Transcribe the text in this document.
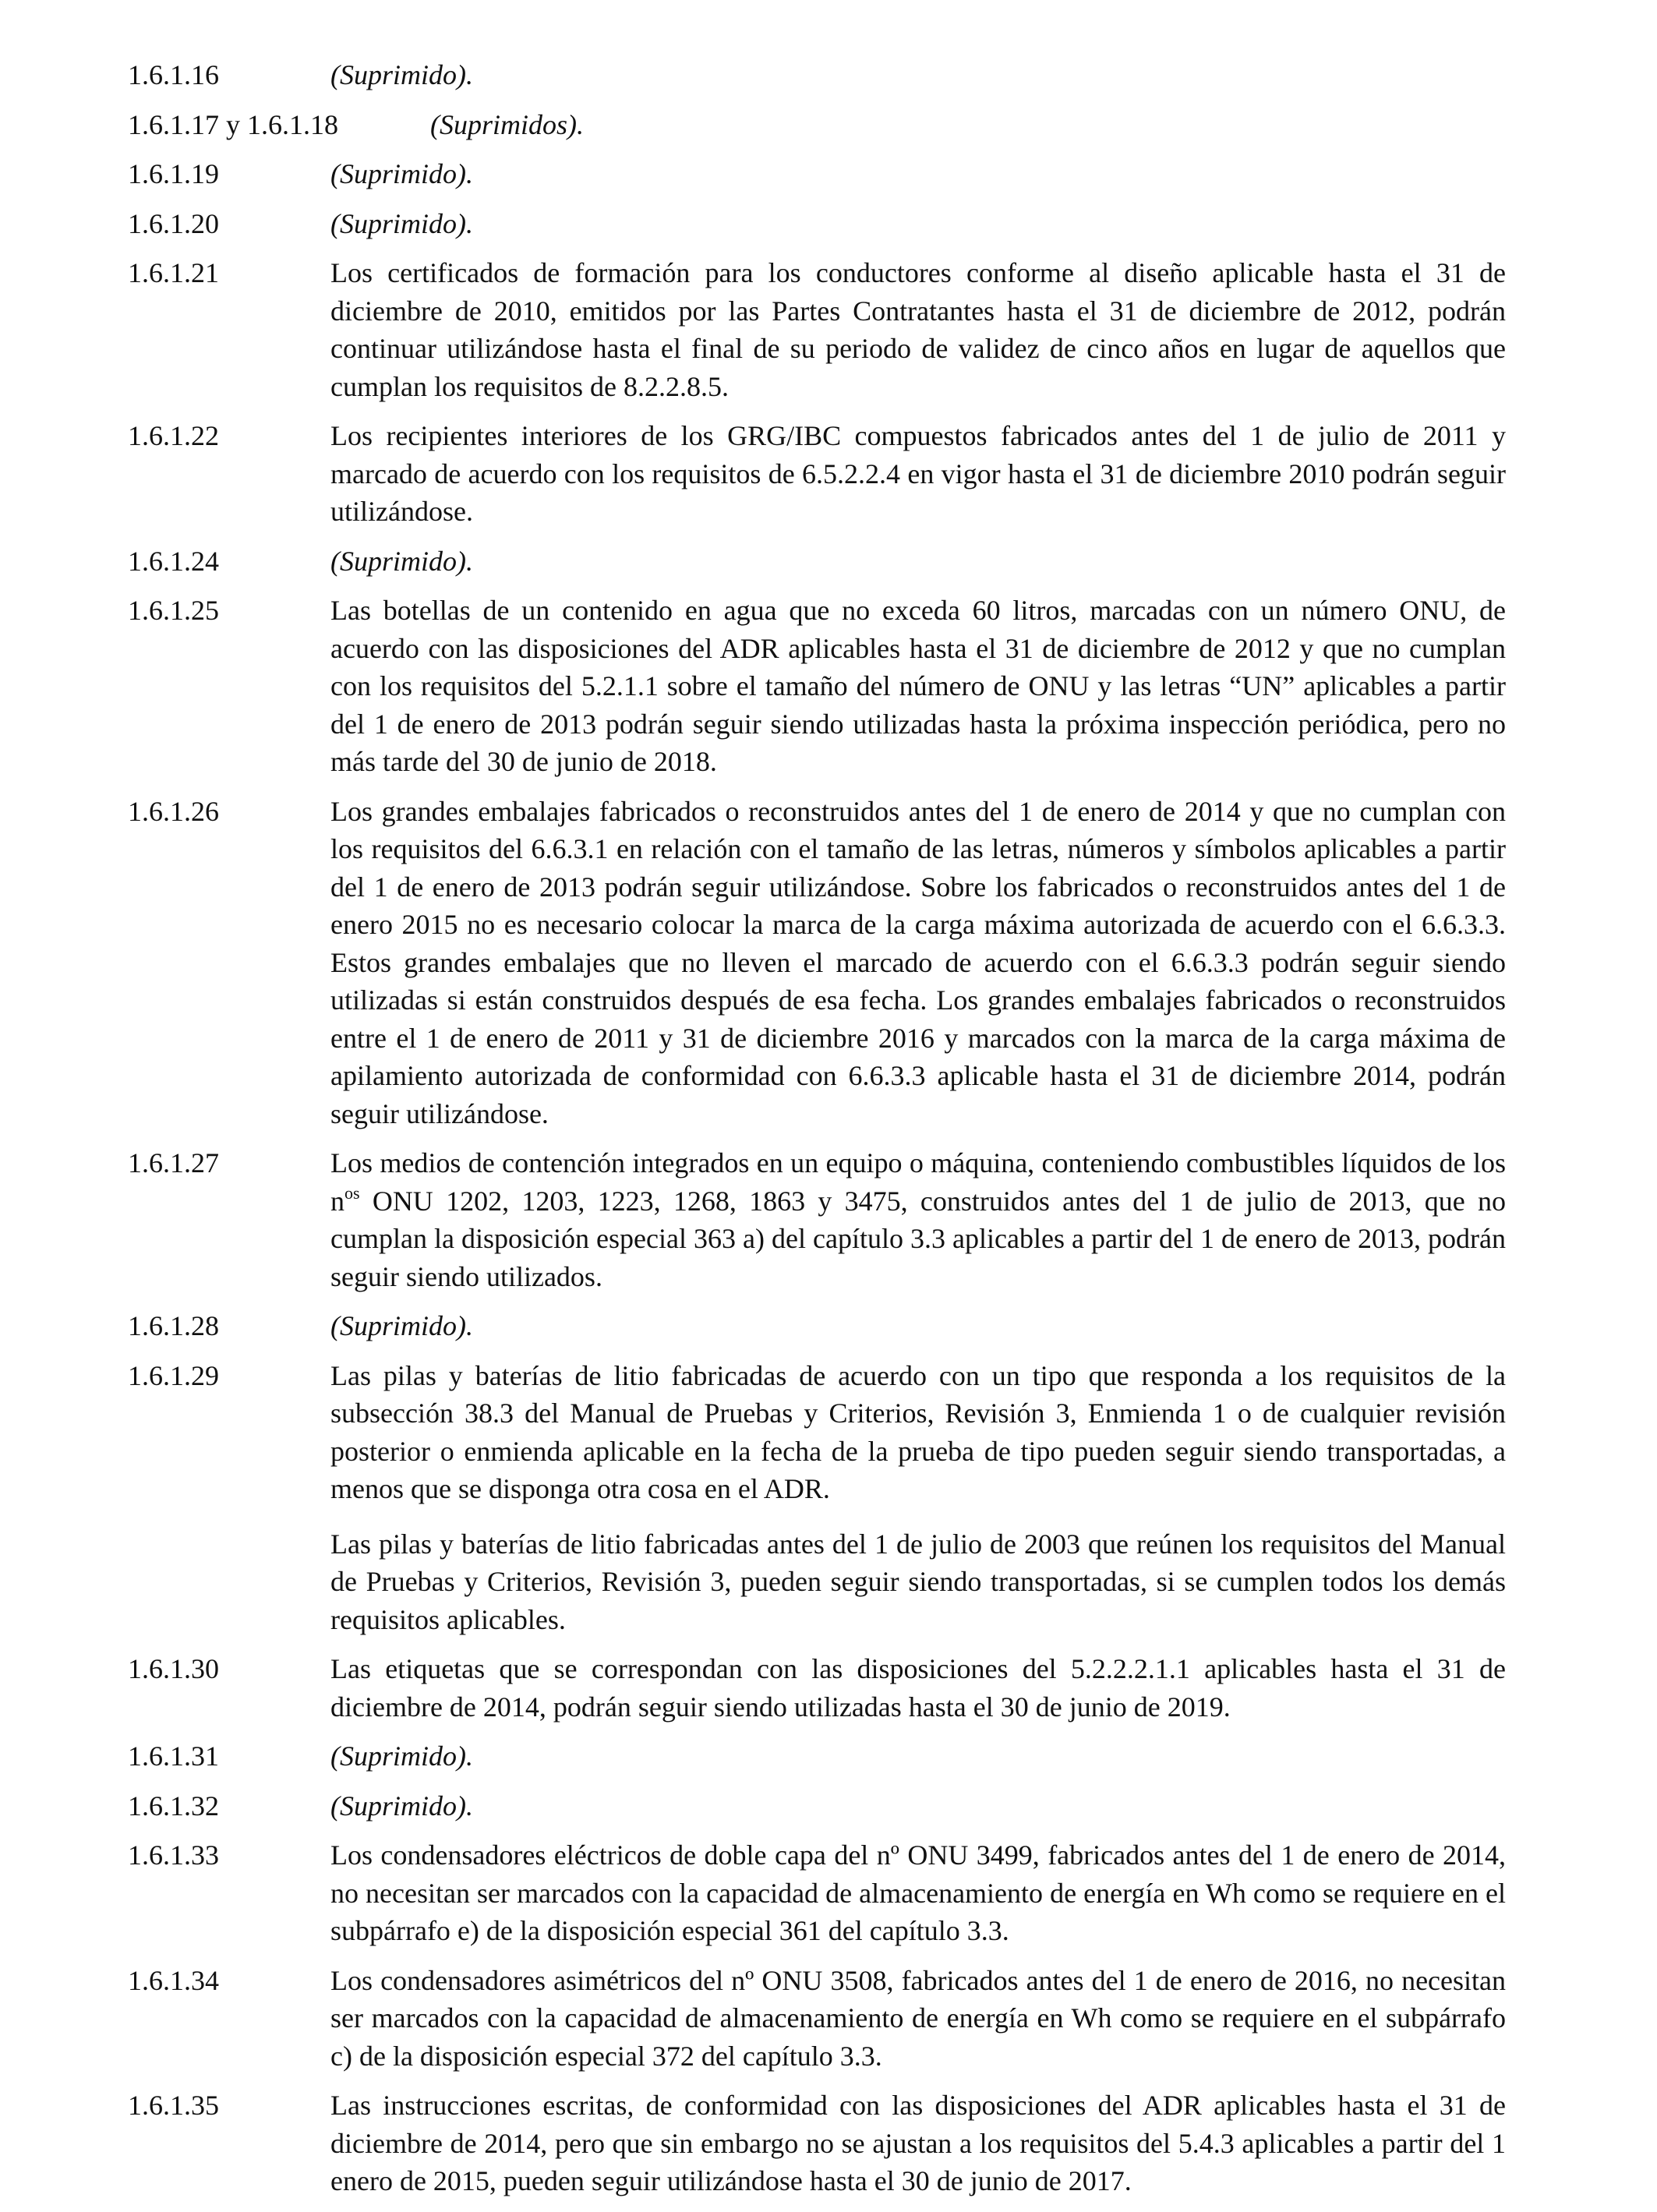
1.6.1.16	(Suprimido).
1.6.1.17 y 1.6.1.18	(Suprimidos).
1.6.1.19	(Suprimido).
1.6.1.20	(Suprimido).
1.6.1.21	Los certificados de formación para los conductores conforme al diseño aplicable hasta el 31 de diciembre de 2010, emitidos por las Partes Contratantes hasta el 31 de diciembre de 2012, podrán continuar utilizándose hasta el final de su periodo de validez de cinco años en lugar de aquellos que cumplan los requisitos de 8.2.2.8.5.
1.6.1.22	Los recipientes interiores de los GRG/IBC compuestos fabricados antes del 1 de julio de 2011 y marcado de acuerdo con los requisitos de 6.5.2.2.4 en vigor hasta el 31 de diciembre 2010 podrán seguir utilizándose.
1.6.1.24	(Suprimido).
1.6.1.25	Las botellas de un contenido en agua que no exceda 60 litros, marcadas con un número ONU, de acuerdo con las disposiciones del ADR aplicables hasta el 31 de diciembre de 2012 y que no cumplan con los requisitos del 5.2.1.1 sobre el tamaño del número de ONU y las letras “UN” aplicables a partir del 1 de enero de 2013 podrán seguir siendo utilizadas hasta la próxima inspección periódica, pero no más tarde del 30 de junio de 2018.
1.6.1.26	Los grandes embalajes fabricados o reconstruidos antes del 1 de enero de 2014 y que no cumplan con los requisitos del 6.6.3.1 en relación con el tamaño de las letras, números y símbolos aplicables a partir del 1 de enero de 2013 podrán seguir utilizándose. Sobre los fabricados o reconstruidos antes del 1 de enero 2015 no es necesario colocar la marca de la carga máxima autorizada de acuerdo con el 6.6.3.3. Estos grandes embalajes que no lleven el marcado de acuerdo con el 6.6.3.3 podrán seguir siendo utilizadas si están construidos después de esa fecha. Los grandes embalajes fabricados o reconstruidos entre el 1 de enero de 2011 y 31 de diciembre 2016 y marcados con la marca de la carga máxima de apilamiento autorizada de conformidad con 6.6.3.3 aplicable hasta el 31 de diciembre 2014, podrán seguir utilizándose.
1.6.1.27	Los medios de contención integrados en un equipo o máquina, conteniendo combustibles líquidos de los $n^{os}$ ONU 1202, 1203, 1223, 1268, 1863 y 3475, construidos antes del 1 de julio de 2013, que no cumplan la disposición especial 363 a) del capítulo 3.3 aplicables a partir del 1 de enero de 2013, podrán seguir siendo utilizados.
1.6.1.28	(Suprimido).
1.6.1.29	Las pilas y baterías de litio fabricadas de acuerdo con un tipo que responda a los requisitos de la subsección 38.3 del Manual de Pruebas y Criterios, Revisión 3, Enmienda 1 o de cualquier revisión posterior o enmienda aplicable en la fecha de la prueba de tipo pueden seguir siendo transportadas, a menos que se disponga otra cosa en el ADR.
Las pilas y baterías de litio fabricadas antes del 1 de julio de 2003 que reúnen los requisitos del Manual de Pruebas y Criterios, Revisión 3, pueden seguir siendo transportadas, si se cumplen todos los demás requisitos aplicables.
1.6.1.30	Las etiquetas que se correspondan con las disposiciones del 5.2.2.2.1.1 aplicables hasta el 31 de diciembre de 2014, podrán seguir siendo utilizadas hasta el 30 de junio de 2019.
1.6.1.31	(Suprimido).
1.6.1.32	(Suprimido).
1.6.1.33	Los condensadores eléctricos de doble capa del nº ONU 3499, fabricados antes del 1 de enero de 2014, no necesitan ser marcados con la capacidad de almacenamiento de energía en Wh como se requiere en el subpárrafo e) de la disposición especial 361 del capítulo 3.3.
1.6.1.34	Los condensadores asimétricos del nº ONU 3508, fabricados antes del 1 de enero de 2016, no necesitan ser marcados con la capacidad de almacenamiento de energía en Wh como se requiere en el subpárrafo c) de la disposición especial 372 del capítulo 3.3.
1.6.1.35	Las instrucciones escritas, de conformidad con las disposiciones del ADR aplicables hasta el 31 de diciembre de 2014, pero que sin embargo no se ajustan a los requisitos del 5.4.3 aplicables a partir del 1 enero de 2015, pueden seguir utilizándose hasta el 30 de junio de 2017.
